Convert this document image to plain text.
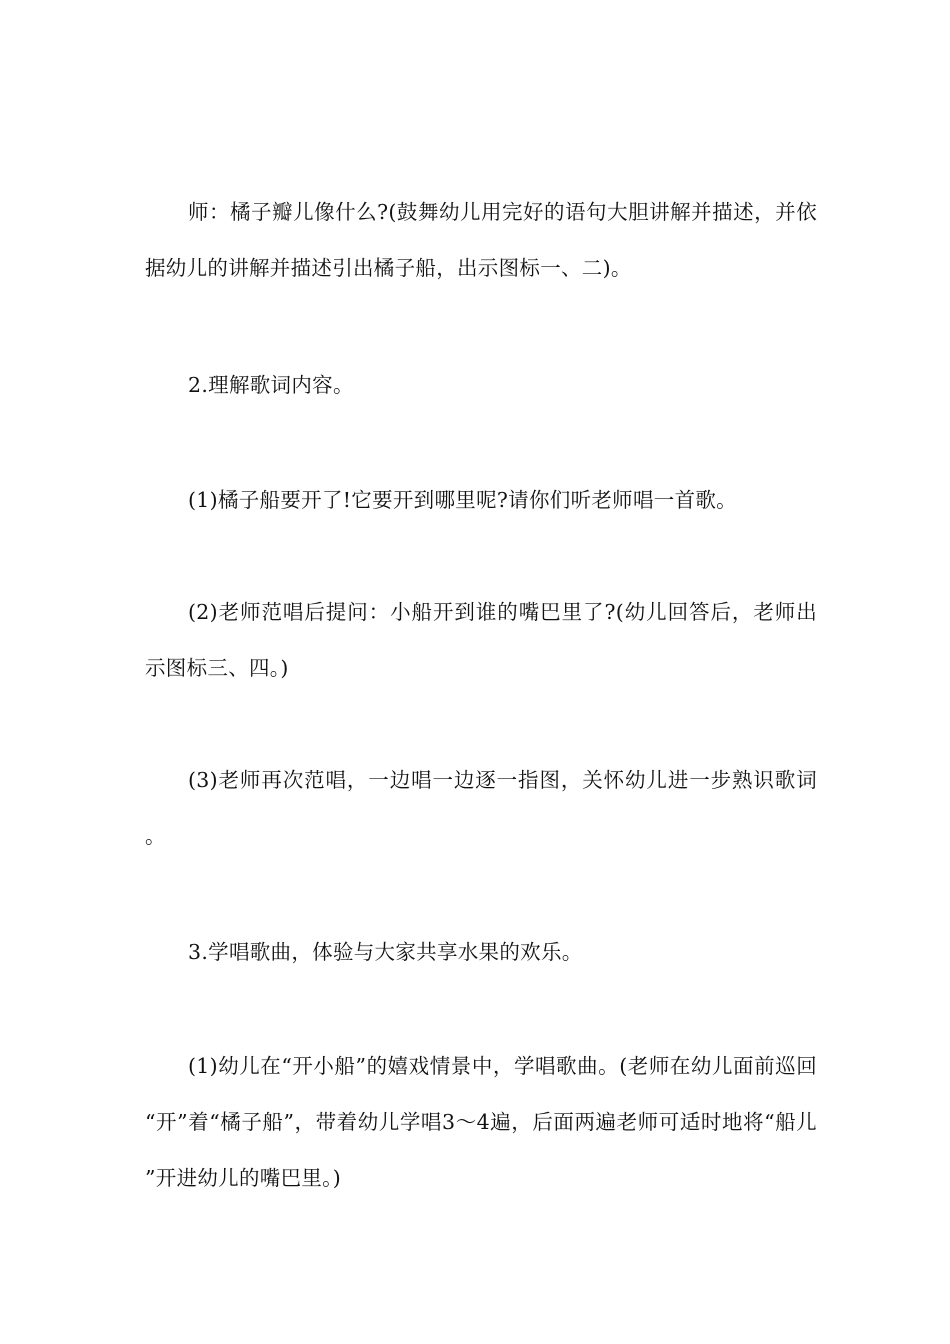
师：橘子瓣儿像什么?(鼓舞幼儿用完好的语句大胆讲解并描述，并依据幼儿的讲解并描述引出橘子船，出示图标一、二)。

2.理解歌词内容。

(1)橘子船要开了!它要开到哪里呢?请你们听老师唱一首歌。

(2)老师范唱后提问：小船开到谁的嘴巴里了?(幼儿回答后，老师出示图标三、四。)

(3)老师再次范唱，一边唱一边逐一指图，关怀幼儿进一步熟识歌词。

3.学唱歌曲，体验与大家共享水果的欢乐。

(1)幼儿在“开小船”的嬉戏情景中，学唱歌曲。(老师在幼儿面前巡回“开”着“橘子船”，带着幼儿学唱3～4遍，后面两遍老师可适时地将“船儿”开进幼儿的嘴巴里。)
